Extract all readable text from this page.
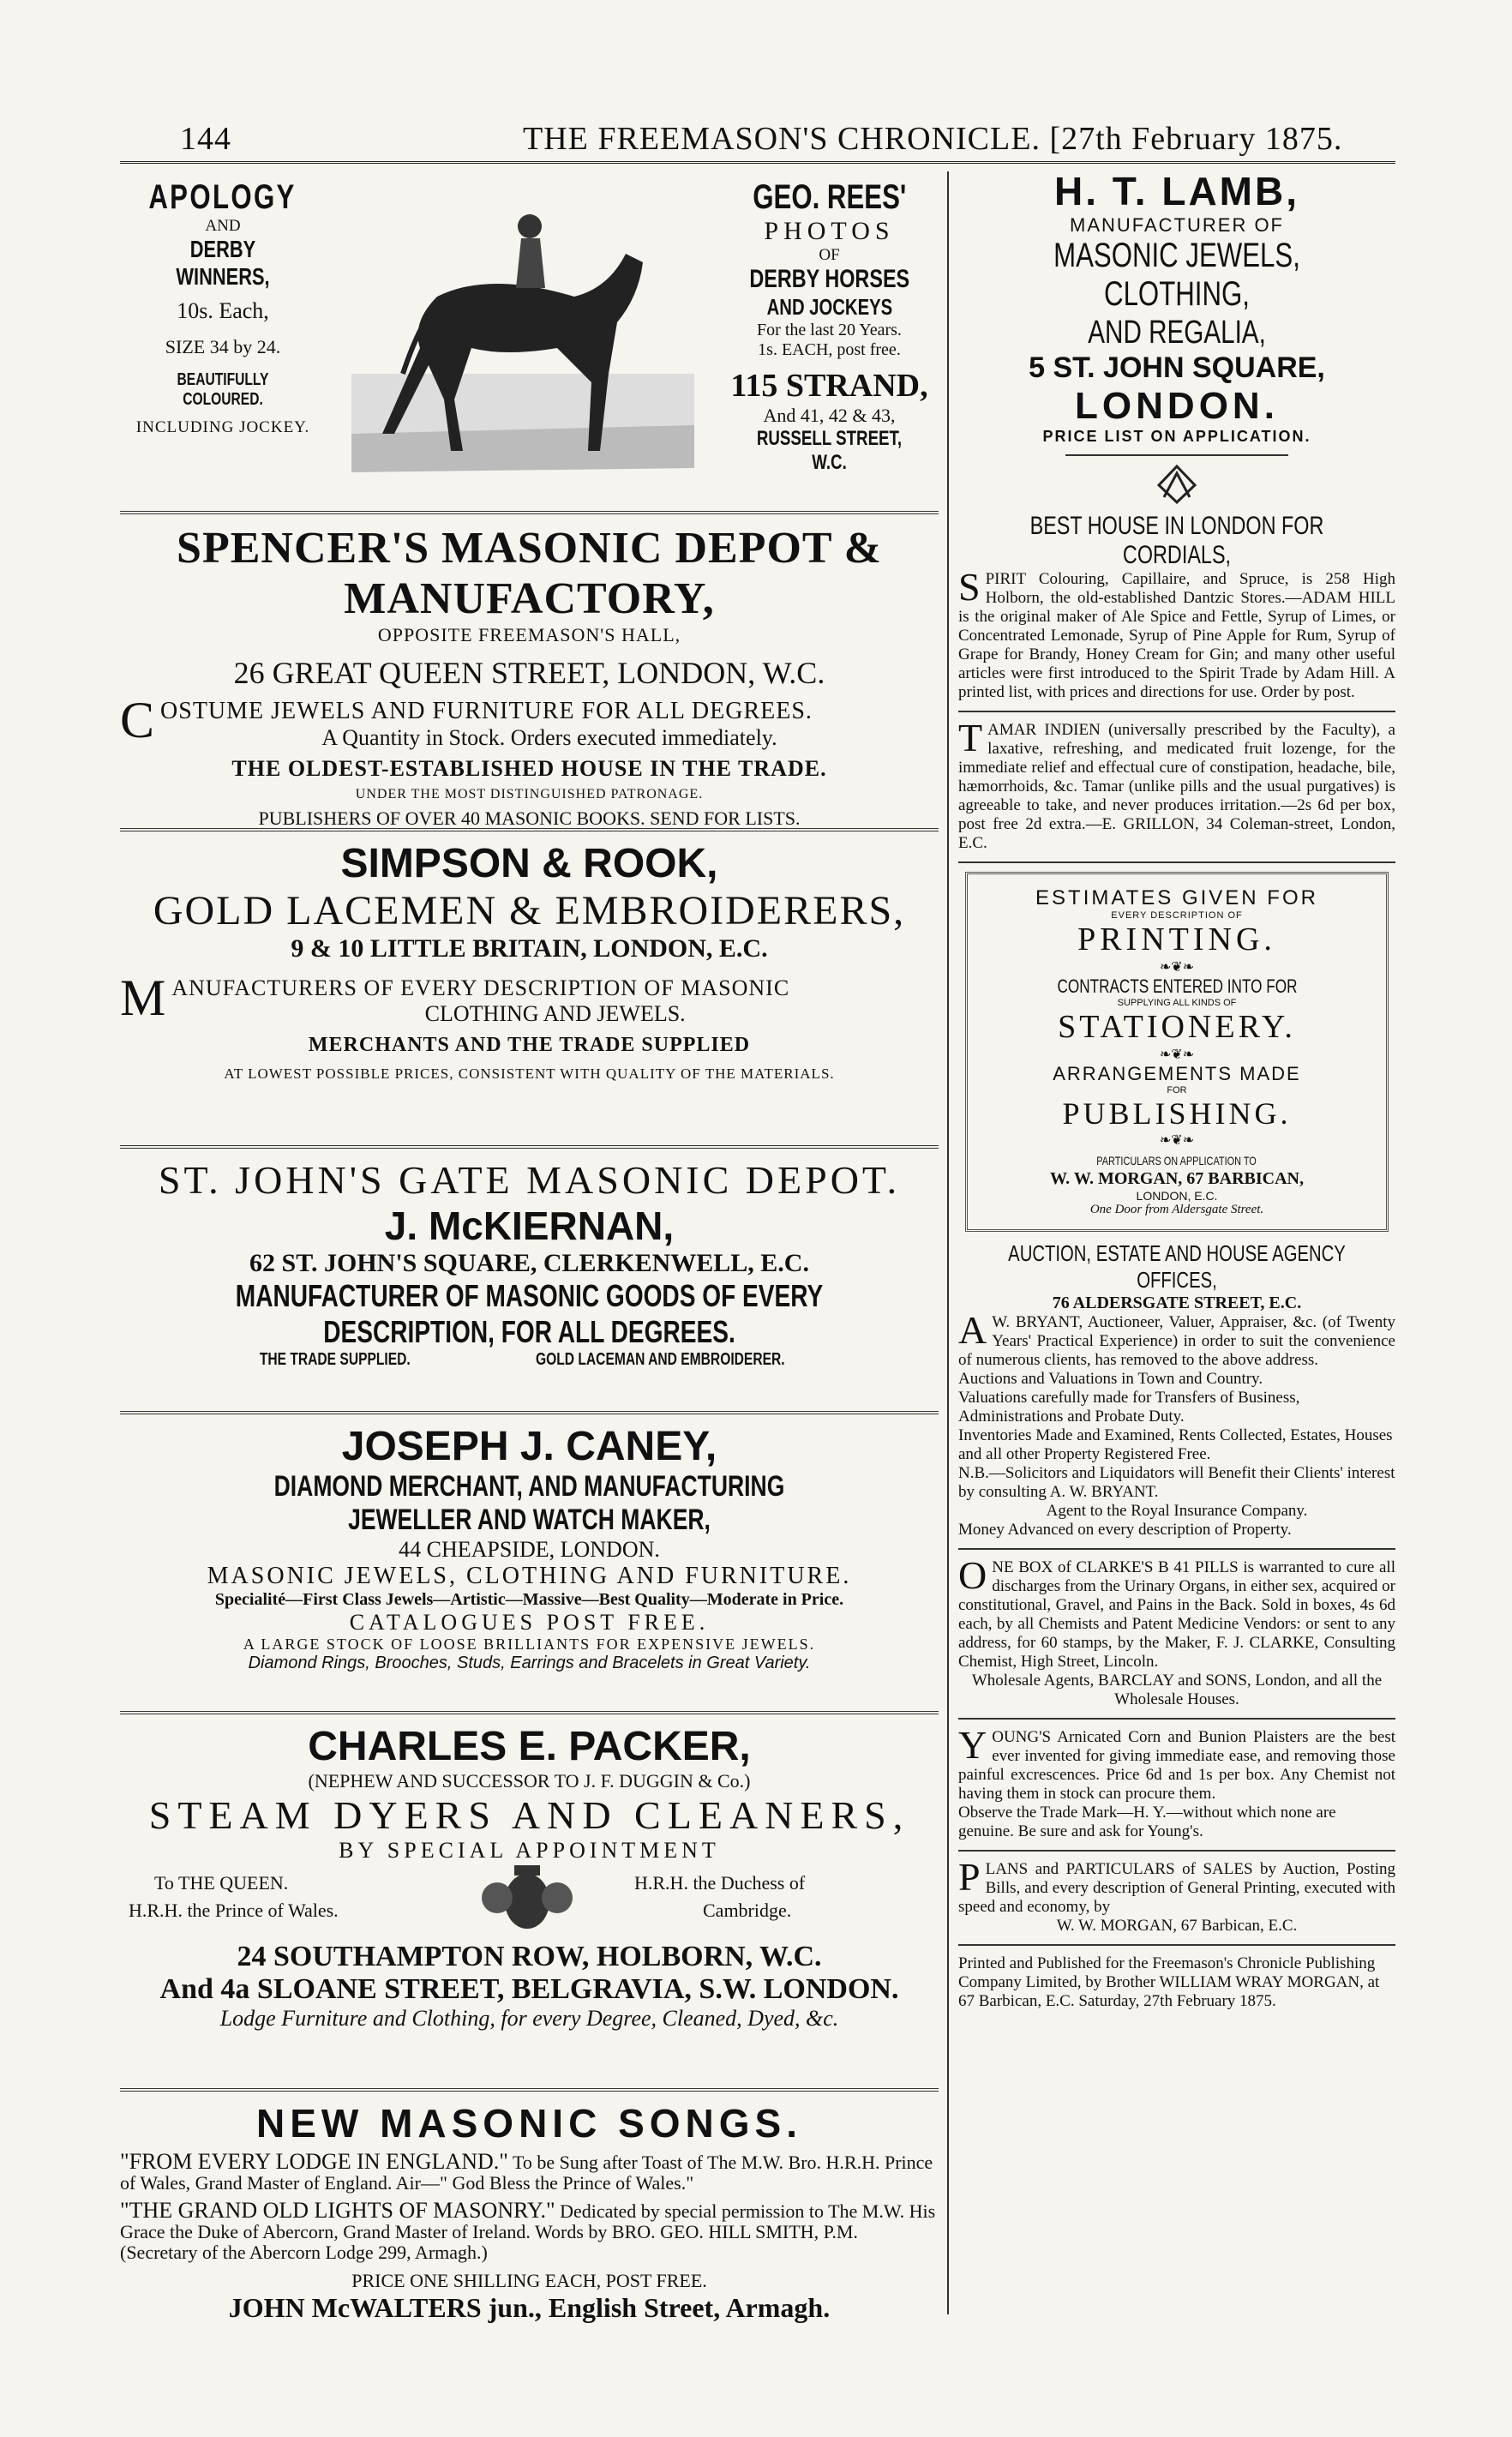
144	THE FREEMASON'S CHRONICLE. [27th February 1875.
APOLOGY
AND
DERBY WINNERS,
10s. Each,
SIZE 34 by 24.
BEAUTIFULLY COLOURED.
INCLUDING JOCKEY.
GEO. REES'
PHOTOS
OF
DERBY HORSES
AND JOCKEYS
For the last 20 Years.
1s. EACH, post free.
115 STRAND,
And 41, 42 & 43,
RUSSELL STREET, W.C.
SPENCER'S MASONIC DEPOT & MANUFACTORY,
OPPOSITE FREEMASON'S HALL,
26 GREAT QUEEN STREET, LONDON, W.C.
COSTUME JEWELS AND FURNITURE FOR ALL DEGREES.
A Quantity in Stock. Orders executed immediately.
THE OLDEST-ESTABLISHED HOUSE IN THE TRADE.
UNDER THE MOST DISTINGUISHED PATRONAGE.
PUBLISHERS OF OVER 40 MASONIC BOOKS. SEND FOR LISTS.
SIMPSON & ROOK,
GOLD LACEMEN & EMBROIDERERS,
9 & 10 LITTLE BRITAIN, LONDON, E.C.
MANUFACTURERS OF EVERY DESCRIPTION OF MASONIC
CLOTHING AND JEWELS.
MERCHANTS AND THE TRADE SUPPLIED
AT LOWEST POSSIBLE PRICES, CONSISTENT WITH QUALITY OF THE MATERIALS.
ST. JOHN'S GATE MASONIC DEPOT.
J. McKIERNAN,
62 ST. JOHN'S SQUARE, CLERKENWELL, E.C.
MANUFACTURER OF MASONIC GOODS OF EVERY DESCRIPTION, FOR ALL DEGREES.
THE TRADE SUPPLIED.	GOLD LACEMAN AND EMBROIDERER.
JOSEPH J. CANEY,
DIAMOND MERCHANT, AND MANUFACTURING JEWELLER AND WATCH MAKER,
44 CHEAPSIDE, LONDON.
MASONIC JEWELS, CLOTHING AND FURNITURE.
Specialité—First Class Jewels—Artistic—Massive—Best Quality—Moderate in Price.
CATALOGUES POST FREE.
A LARGE STOCK OF LOOSE BRILLIANTS FOR EXPENSIVE JEWELS.
Diamond Rings, Brooches, Studs, Earrings and Bracelets in Great Variety.
CHARLES E. PACKER,
(NEPHEW AND SUCCESSOR TO J. F. DUGGIN & Co.)
STEAM DYERS AND CLEANERS,
BY SPECIAL APPOINTMENT
To THE QUEEN.
H.R.H. the Prince of Wales.
H.R.H. the Duchess of
Cambridge.
24 SOUTHAMPTON ROW, HOLBORN, W.C.
And 4a SLOANE STREET, BELGRAVIA, S.W. LONDON.
Lodge Furniture and Clothing, for every Degree, Cleaned, Dyed, &c.
NEW MASONIC SONGS.

"FROM EVERY LODGE IN ENGLAND." To be Sung after Toast of The M.W. Bro. H.R.H. Prince of Wales, Grand Master of England. Air—" God Bless the Prince of Wales."

"THE GRAND OLD LIGHTS OF MASONRY." Dedicated by special permission to The M.W. His Grace the Duke of Abercorn, Grand Master of Ireland. Words by BRO. GEO. HILL SMITH, P.M. (Secretary of the Abercorn Lodge 299, Armagh.)

PRICE ONE SHILLING EACH, POST FREE.
JOHN McWALTERS jun., English Street, Armagh.
H. T. LAMB,
MANUFACTURER OF
MASONIC JEWELS, CLOTHING,
AND REGALIA,
5 ST. JOHN SQUARE,
LONDON.
PRICE LIST ON APPLICATION.
BEST HOUSE IN LONDON FOR CORDIALS,

SPIRIT Colouring, Capillaire, and Spruce, is 258 High Holborn, the old-established Dantzic Stores.—ADAM HILL is the original maker of Ale Spice and Fettle, Syrup of Limes, or Concentrated Lemonade, Syrup of Pine Apple for Rum, Syrup of Grape for Brandy, Honey Cream for Gin; and many other useful articles were first introduced to the Spirit Trade by Adam Hill. A printed list, with prices and directions for use. Order by post.

TAMAR INDIEN (universally prescribed by the Faculty), a laxative, refreshing, and medicated fruit lozenge, for the immediate relief and effectual cure of constipation, headache, bile, hæmorrhoids, &c. Tamar (unlike pills and the usual purgatives) is agreeable to take, and never produces irritation.—2s 6d per box, post free 2d extra.—E. GRILLON, 34 Coleman-street, London, E.C.

ESTIMATES GIVEN FOR
EVERY DESCRIPTION OF
PRINTING.
❧❦❧
CONTRACTS ENTERED INTO FOR
SUPPLYING ALL KINDS OF
STATIONERY.
❧❦❧
ARRANGEMENTS MADE
FOR
PUBLISHING.
❧❦❧
PARTICULARS ON APPLICATION TO
W. W. MORGAN, 67 BARBICAN,
LONDON, E.C.
One Door from Aldersgate Street.
AUCTION, ESTATE AND HOUSE AGENCY OFFICES,
76 ALDERSGATE STREET, E.C.

A W. BRYANT, Auctioneer, Valuer, Appraiser, &c. (of Twenty Years' Practical Experience) in order to suit the convenience of numerous clients, has removed to the above address.

Auctions and Valuations in Town and Country.

Valuations carefully made for Transfers of Business, Administrations and Probate Duty.

Inventories Made and Examined, Rents Collected, Estates, Houses and all other Property Registered Free.

N.B.—Solicitors and Liquidators will Benefit their Clients' interest by consulting A. W. BRYANT.

Agent to the Royal Insurance Company.

Money Advanced on every description of Property.

ONE BOX of CLARKE'S B 41 PILLS is warranted to cure all discharges from the Urinary Organs, in either sex, acquired or constitutional, Gravel, and Pains in the Back. Sold in boxes, 4s 6d each, by all Chemists and Patent Medicine Vendors: or sent to any address, for 60 stamps, by the Maker, F. J. CLARKE, Consulting Chemist, High Street, Lincoln.

Wholesale Agents, BARCLAY and SONS, London, and all the Wholesale Houses.

YOUNG'S Arnicated Corn and Bunion Plaisters are the best ever invented for giving immediate ease, and removing those painful excrescences. Price 6d and 1s per box. Any Chemist not having them in stock can procure them.

Observe the Trade Mark—H. Y.—without which none are genuine. Be sure and ask for Young's.

PLANS and PARTICULARS of SALES by Auction, Posting Bills, and every description of General Printing, executed with speed and economy, by

W. W. MORGAN, 67 Barbican, E.C.

Printed and Published for the Freemason's Chronicle Publishing Company Limited, by Brother WILLIAM WRAY MORGAN, at 67 Barbican, E.C. Saturday, 27th February 1875.
